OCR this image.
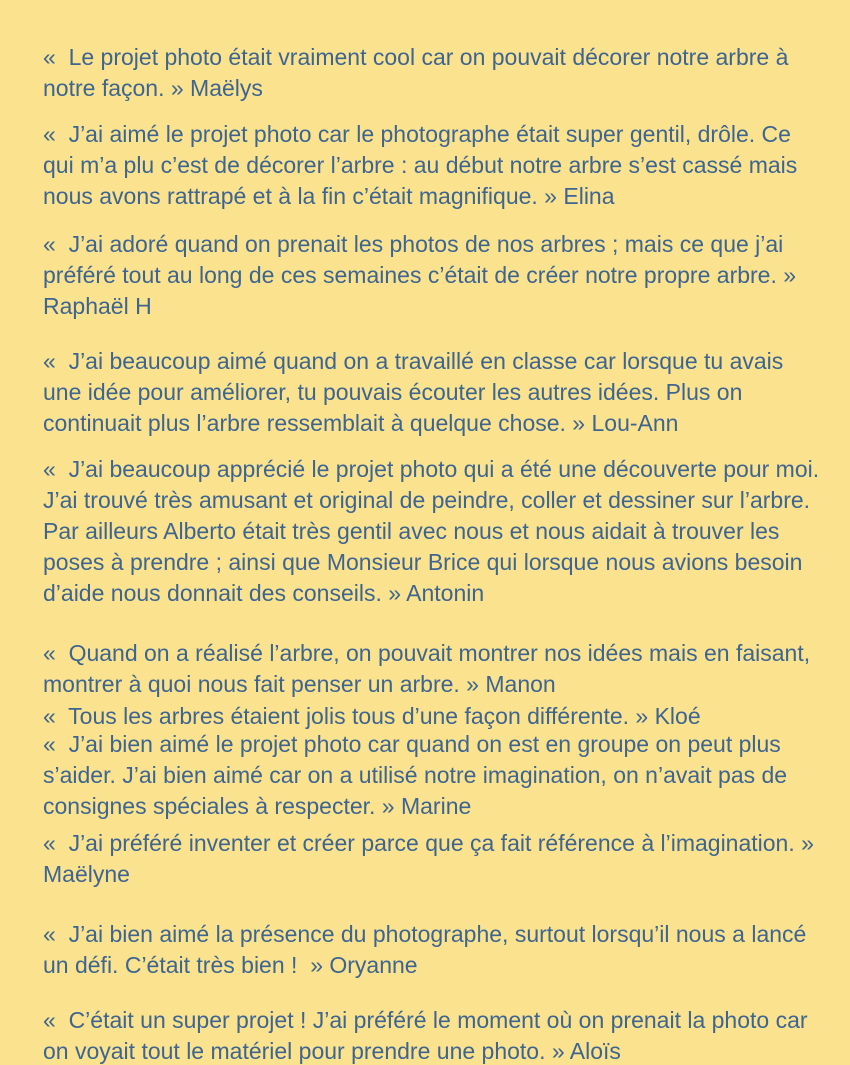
«  Le projet photo était vraiment cool car on pouvait décorer notre arbre à
notre façon. » Maëlys

«  J’ai aimé le projet photo car le photographe était super gentil, drôle. Ce
qui m’a plu c’est de décorer l’arbre : au début notre arbre s’est cassé mais
nous avons rattrapé et à la fin c’était magnifique. » Elina

«  J’ai adoré quand on prenait les photos de nos arbres ; mais ce que j’ai
préféré tout au long de ces semaines c’était de créer notre propre arbre. »
Raphaël H

«  J’ai beaucoup aimé quand on a travaillé en classe car lorsque tu avais
une idée pour améliorer, tu pouvais écouter les autres idées. Plus on
continuait plus l’arbre ressemblait à quelque chose. » Lou-Ann

«  J’ai beaucoup apprécié le projet photo qui a été une découverte pour moi.
J’ai trouvé très amusant et original de peindre, coller et dessiner sur l’arbre.
Par ailleurs Alberto était très gentil avec nous et nous aidait à trouver les
poses à prendre ; ainsi que Monsieur Brice qui lorsque nous avions besoin
d’aide nous donnait des conseils. » Antonin

«  Quand on a réalisé l’arbre, on pouvait montrer nos idées mais en faisant,
montrer à quoi nous fait penser un arbre. » Manon

«  Tous les arbres étaient jolis tous d’une façon différente. » Kloé

«  J’ai bien aimé le projet photo car quand on est en groupe on peut plus
s’aider. J’ai bien aimé car on a utilisé notre imagination, on n’avait pas de
consignes spéciales à respecter. » Marine

«  J’ai préféré inventer et créer parce que ça fait référence à l’imagination. »
Maëlyne

«  J’ai bien aimé la présence du photographe, surtout lorsqu’il nous a lancé
un défi. C’était très bien !  » Oryanne

«  C’était un super projet ! J’ai préféré le moment où on prenait la photo car
on voyait tout le matériel pour prendre une photo. » Aloïs
